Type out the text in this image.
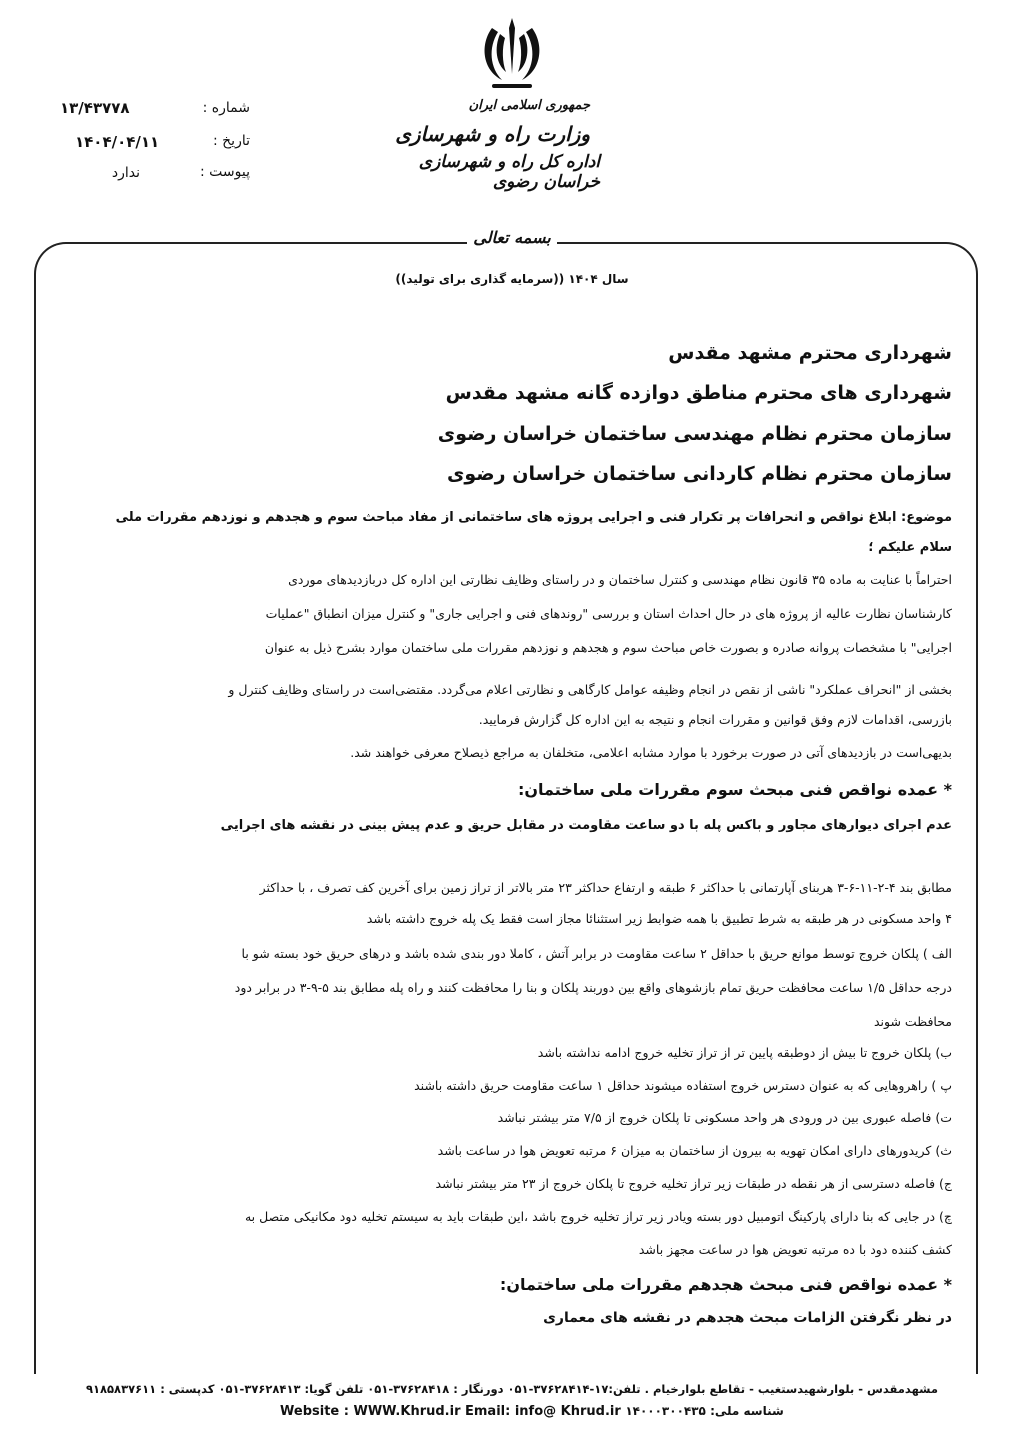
جمهوری اسلامی ایران
وزارت راه و شهرسازی
اداره کل راه و شهرسازی خراسان رضوی
شماره :
۱۳/۴۳۷۷۸
تاریخ :
۱۴۰۴/۰۴/۱۱
پیوست :
ندارد
بسمه تعالی
سال ۱۴۰۴ ((سرمایه گذاری برای تولید))
شهرداری محترم مشهد مقدس
شهرداری های محترم مناطق دوازده گانه مشهد مقدس
سازمان محترم نظام مهندسی ساختمان خراسان رضوی
سازمان محترم نظام کاردانی ساختمان خراسان رضوی
موضوع: ابلاغ نواقص و انحرافات پر تکرار فنی و اجرایی پروژه های ساختمانی از مفاد مباحث سوم و هجدهم و نوزدهم مقررات ملی
سلام علیکم ؛
احتراماً با عنایت به ماده ۳۵ قانون نظام مهندسی و کنترل ساختمان و در راستای وظایف نظارتی این اداره کل دربازدیدهای موردی
کارشناسان نظارت عالیه از پروژه های در حال احداث استان و بررسی "روندهای فنی و اجرایی جاری" و کنترل میزان انطباق "عملیات
اجرایی" با مشخصات پروانه صادره و بصورت خاص مباحث سوم و هجدهم و نوزدهم مقررات ملی ساختمان موارد بشرح ذیل به عنوان
بخشی از "انحراف عملکرد" ناشی از نقص در انجام وظیفه عوامل کارگاهی و نظارتی اعلام می‌گردد. مقتضی‌است در راستای وظایف کنترل و
بازرسی، اقدامات لازم وفق قوانین و مقررات انجام و نتیجه به این اداره کل گزارش فرمایید.
بدیهی‌است در بازدیدهای آتی در صورت برخورد با موارد مشابه اعلامی، متخلفان به مراجع ذیصلاح معرفی خواهند شد.
* عمده نواقص فنی مبحث سوم مقررات ملی ساختمان:
عدم اجرای دیوارهای مجاور و باکس پله با دو ساعت مقاومت در مقابل حریق و عدم پیش بینی در نقشه های اجرایی
مطابق بند ۴-۲-۱۱-۶-۳ هربنای آپارتمانی با حداکثر ۶ طبقه و ارتفاع حداکثر ۲۳ متر بالاتر از تراز زمین برای آخرین کف تصرف ، با حداکثر
۴ واحد مسکونی در هر طبقه به شرط تطبیق با همه ضوابط زیر استثنائا مجاز است فقط یک پله خروج داشته باشد
الف ) پلکان خروج توسط موانع حریق با حداقل ۲ ساعت مقاومت در برابر آتش ، کاملا دور بندی شده باشد و درهای حریق خود بسته شو با
درجه حداقل ۱/۵ ساعت محافظت حریق تمام بازشوهای واقع بین دوربند پلکان و بنا را محافظت کنند و راه پله مطابق بند ۵-۹-۳ در برابر دود
محافظت شوند
ب) پلکان خروج تا بیش از دوطبقه پایین تر از تراز تخلیه خروج ادامه نداشته باشد
پ ) راهروهایی که به عنوان دسترس خروج استفاده میشوند حداقل ۱ ساعت مقاومت حریق داشته باشند
ت) فاصله عبوری بین در ورودی هر واحد مسکونی تا پلکان خروج از ۷/۵ متر بیشتر نباشد
ث) کریدورهای دارای امکان تهویه به بیرون از ساختمان به میزان ۶ مرتبه تعویض هوا در ساعت باشد
ج) فاصله دسترسی از هر نقطه در طبقات زیر تراز تخلیه خروج تا پلکان خروج از ۲۳ متر بیشتر نباشد
چ) در جایی که بنا دارای پارکینگ اتومبیل دور بسته ویادر زیر تراز تخلیه خروج باشد ،این طبقات باید به سیستم تخلیه دود مکانیکی متصل به
کشف کننده دود با ده مرتبه تعویض هوا در ساعت مجهز باشد
* عمده نواقص فنی مبحث هجدهم مقررات ملی ساختمان:
در نظر نگرفتن الزامات مبحث هجدهم در نقشه های معماری
مشهدمقدس - بلوارشهیدستغیب - تقاطع بلوارخیام . تلفن:۱۷-۳۷۶۲۸۴۱۴-۰۵۱ دورنگار : ۳۷۶۲۸۴۱۸-۰۵۱ تلفن گویا: ۳۷۶۲۸۴۱۳-۰۵۱ کدپستی : ۹۱۸۵۸۳۷۶۱۱
Website : WWW.Khrud.ir Email: info@ Khrud.ir شناسه ملی: ۱۴۰۰۰۳۰۰۴۳۵
